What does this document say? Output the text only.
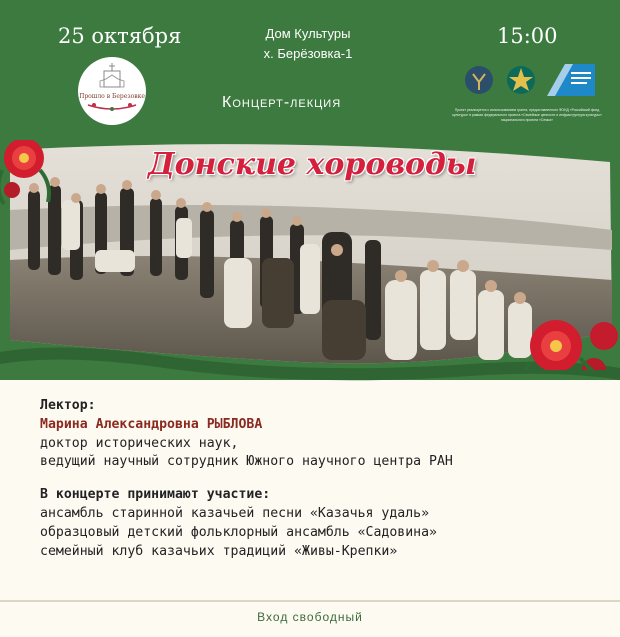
25 октября	Дом Культуры
х. Берёзовка-1
15:00
Прошло в Березовке	Концерт-лекция	Проект реализуется с использованием гранта, предоставленного ФОНД «Российский фонд культуры» в рамках федерального проекта «Семейные ценности и инфраструктура культуры» национального проекта «Семья»
Донские хороводы
Лектор:
Марина Александровна РЫБЛОВА
доктор исторических наук,
ведущий научный сотрудник Южного научного центра РАН
В концерте принимают участие:
ансамбль старинной казачьей песни «Казачья удаль»
образцовый детский фольклорный ансамбль «Садовина»
семейный клуб казачьих традиций «Живы-Крепки»
Вход свободный
